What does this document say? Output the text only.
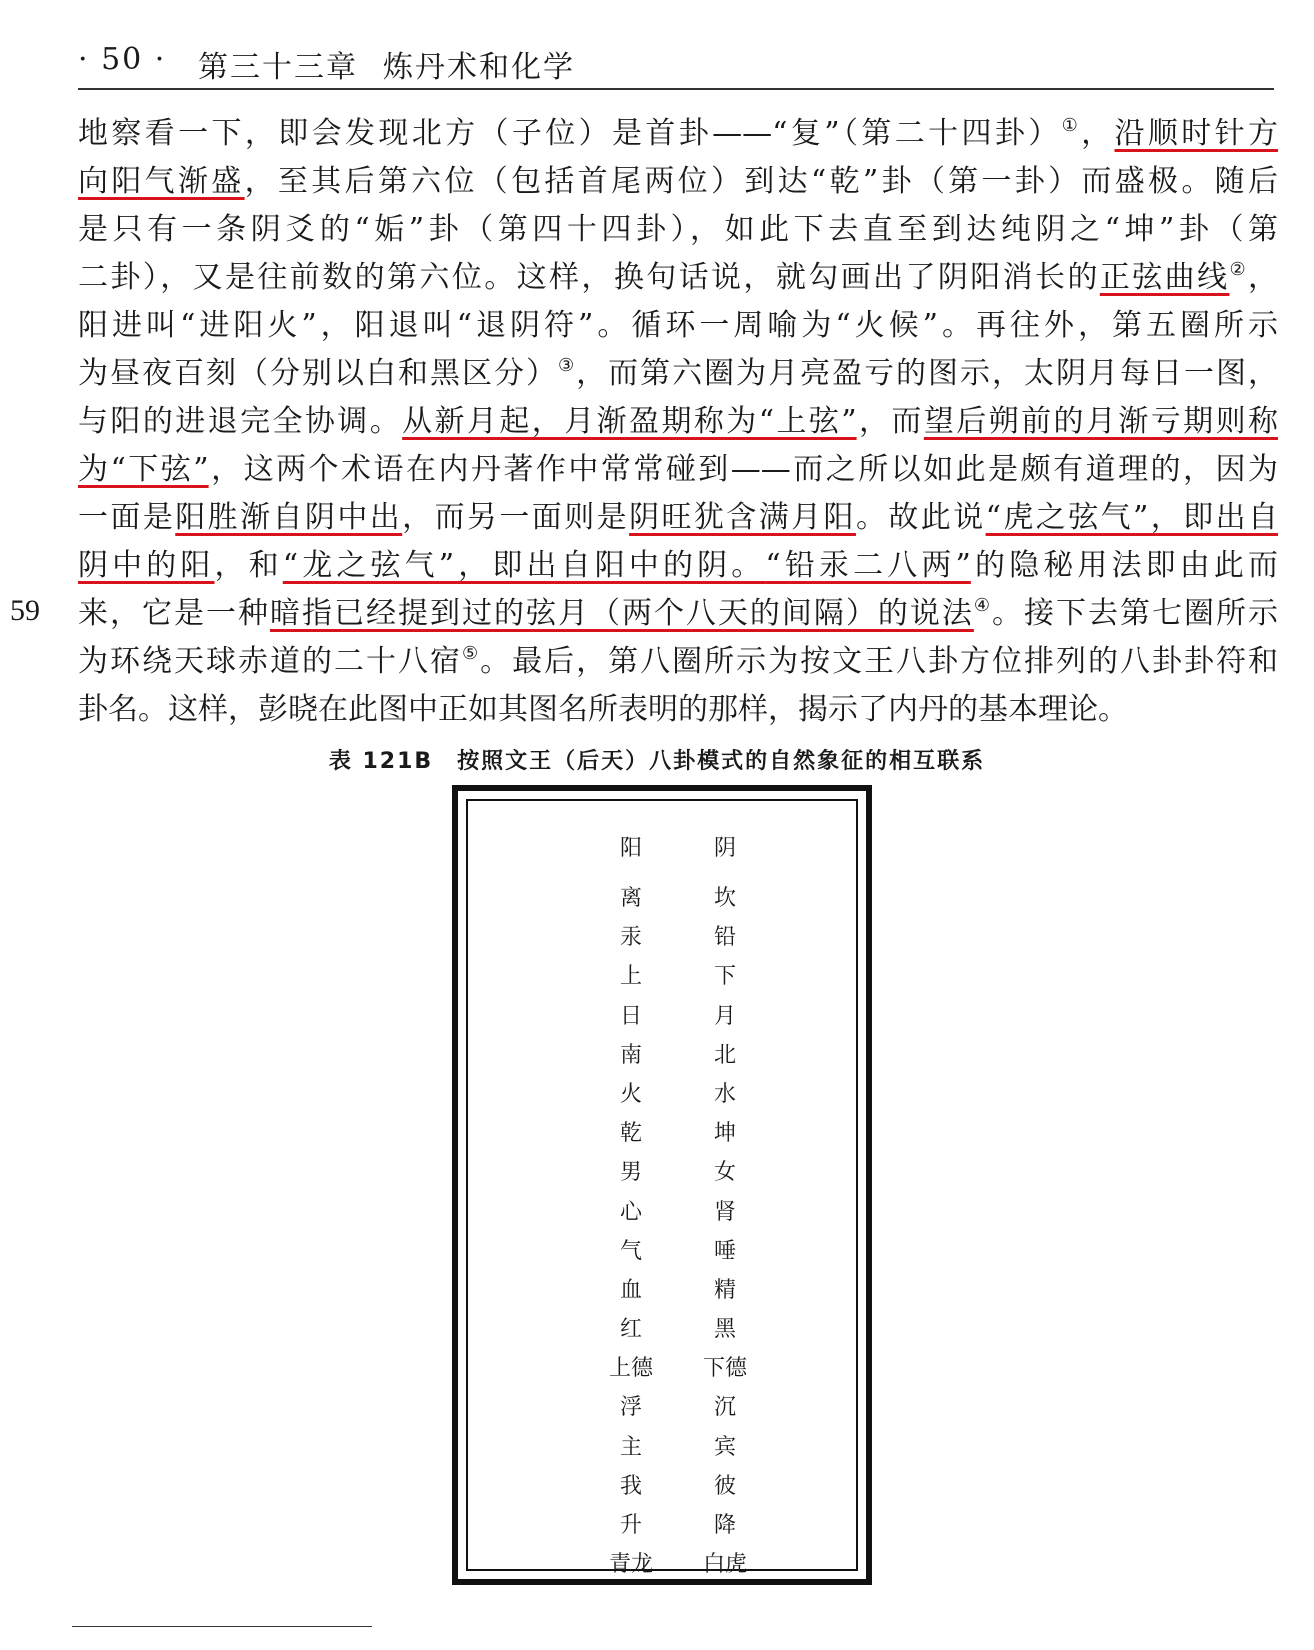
· 50 · 第三十三章 炼丹术和化学
59
地察看一下，即会发现北方（子位）是首卦——“复”（第二十四卦）①，沿顺时针方
向阳气渐盛，至其后第六位（包括首尾两位）到达“乾”卦（第一卦）而盛极。随后
是只有一条阴爻的“姤”卦（第四十四卦），如此下去直至到达纯阴之“坤”卦（第
二卦），又是往前数的第六位。这样，换句话说，就勾画出了阴阳消长的正弦曲线②，
阳进叫“进阳火”，阳退叫“退阴符”。循环一周喻为“火候”。再往外，第五圈所示
为昼夜百刻（分别以白和黑区分）③，而第六圈为月亮盈亏的图示，太阴月每日一图，
与阳的进退完全协调。从新月起，月渐盈期称为“上弦”，而望后朔前的月渐亏期则称
为“下弦”，这两个术语在内丹著作中常常碰到——而之所以如此是颇有道理的，因为
一面是阳胜渐自阴中出，而另一面则是阴旺犹含满月阳。故此说“虎之弦气”，即出自
阴中的阳，和“龙之弦气”，即出自阳中的阴。“铅汞二八两”的隐秘用法即由此而
来，它是一种暗指已经提到过的弦月（两个八天的间隔）的说法④。接下去第七圈所示
为环绕天球赤道的二十八宿⑤。最后，第八圈所示为按文王八卦方位排列的八卦卦符和
卦名。这样，彭晓在此图中正如其图名所表明的那样，揭示了内丹的基本理论。
表 121B　按照文王（后天）八卦模式的自然象征的相互联系
阳	阴
离	坎
汞	铅
上	下
日	月
南	北
火	水
乾	坤
男	女
心	肾
气	唾
血	精
红	黑
上德	下德
浮	沉
主	宾
我	彼
升	降
青龙	白虎
